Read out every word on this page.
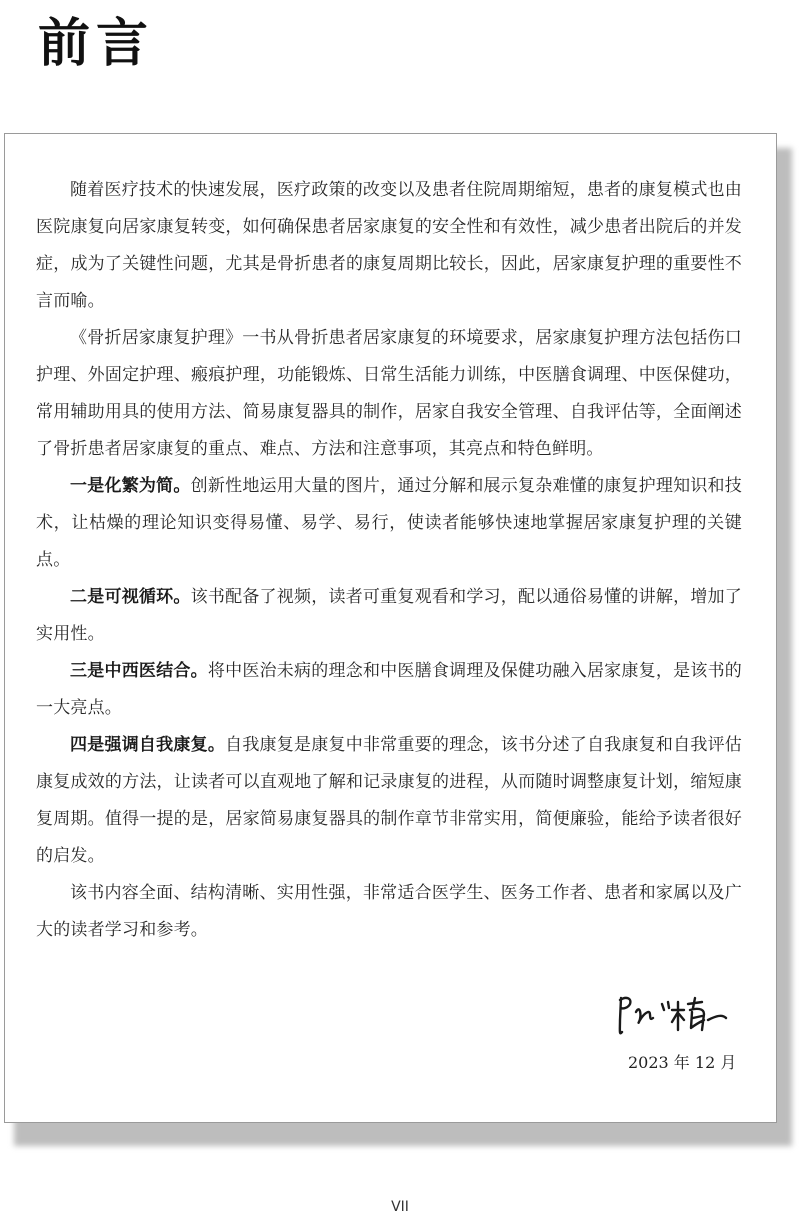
前言

随着医疗技术的快速发展，医疗政策的改变以及患者住院周期缩短，患者的康复模式也由医院康复向居家康复转变，如何确保患者居家康复的安全性和有效性，减少患者出院后的并发症，成为了关键性问题，尤其是骨折患者的康复周期比较长，因此，居家康复护理的重要性不言而喻。

《骨折居家康复护理》一书从骨折患者居家康复的环境要求，居家康复护理方法包括伤口护理、外固定护理、瘢痕护理，功能锻炼、日常生活能力训练，中医膳食调理、中医保健功，常用辅助用具的使用方法、简易康复器具的制作，居家自我安全管理、自我评估等，全面阐述了骨折患者居家康复的重点、难点、方法和注意事项，其亮点和特色鲜明。

一是化繁为简。创新性地运用大量的图片，通过分解和展示复杂难懂的康复护理知识和技术，让枯燥的理论知识变得易懂、易学、易行，使读者能够快速地掌握居家康复护理的关键点。

二是可视循环。该书配备了视频，读者可重复观看和学习，配以通俗易懂的讲解，增加了实用性。

三是中西医结合。将中医治未病的理念和中医膳食调理及保健功融入居家康复，是该书的一大亮点。

四是强调自我康复。自我康复是康复中非常重要的理念，该书分述了自我康复和自我评估康复成效的方法，让读者可以直观地了解和记录康复的进程，从而随时调整康复计划，缩短康复周期。值得一提的是，居家简易康复器具的制作章节非常实用，简便廉验，能给予读者很好的启发。

该书内容全面、结构清晰、实用性强，非常适合医学生、医务工作者、患者和家属以及广大的读者学习和参考。

2023 年 12 月
VII
